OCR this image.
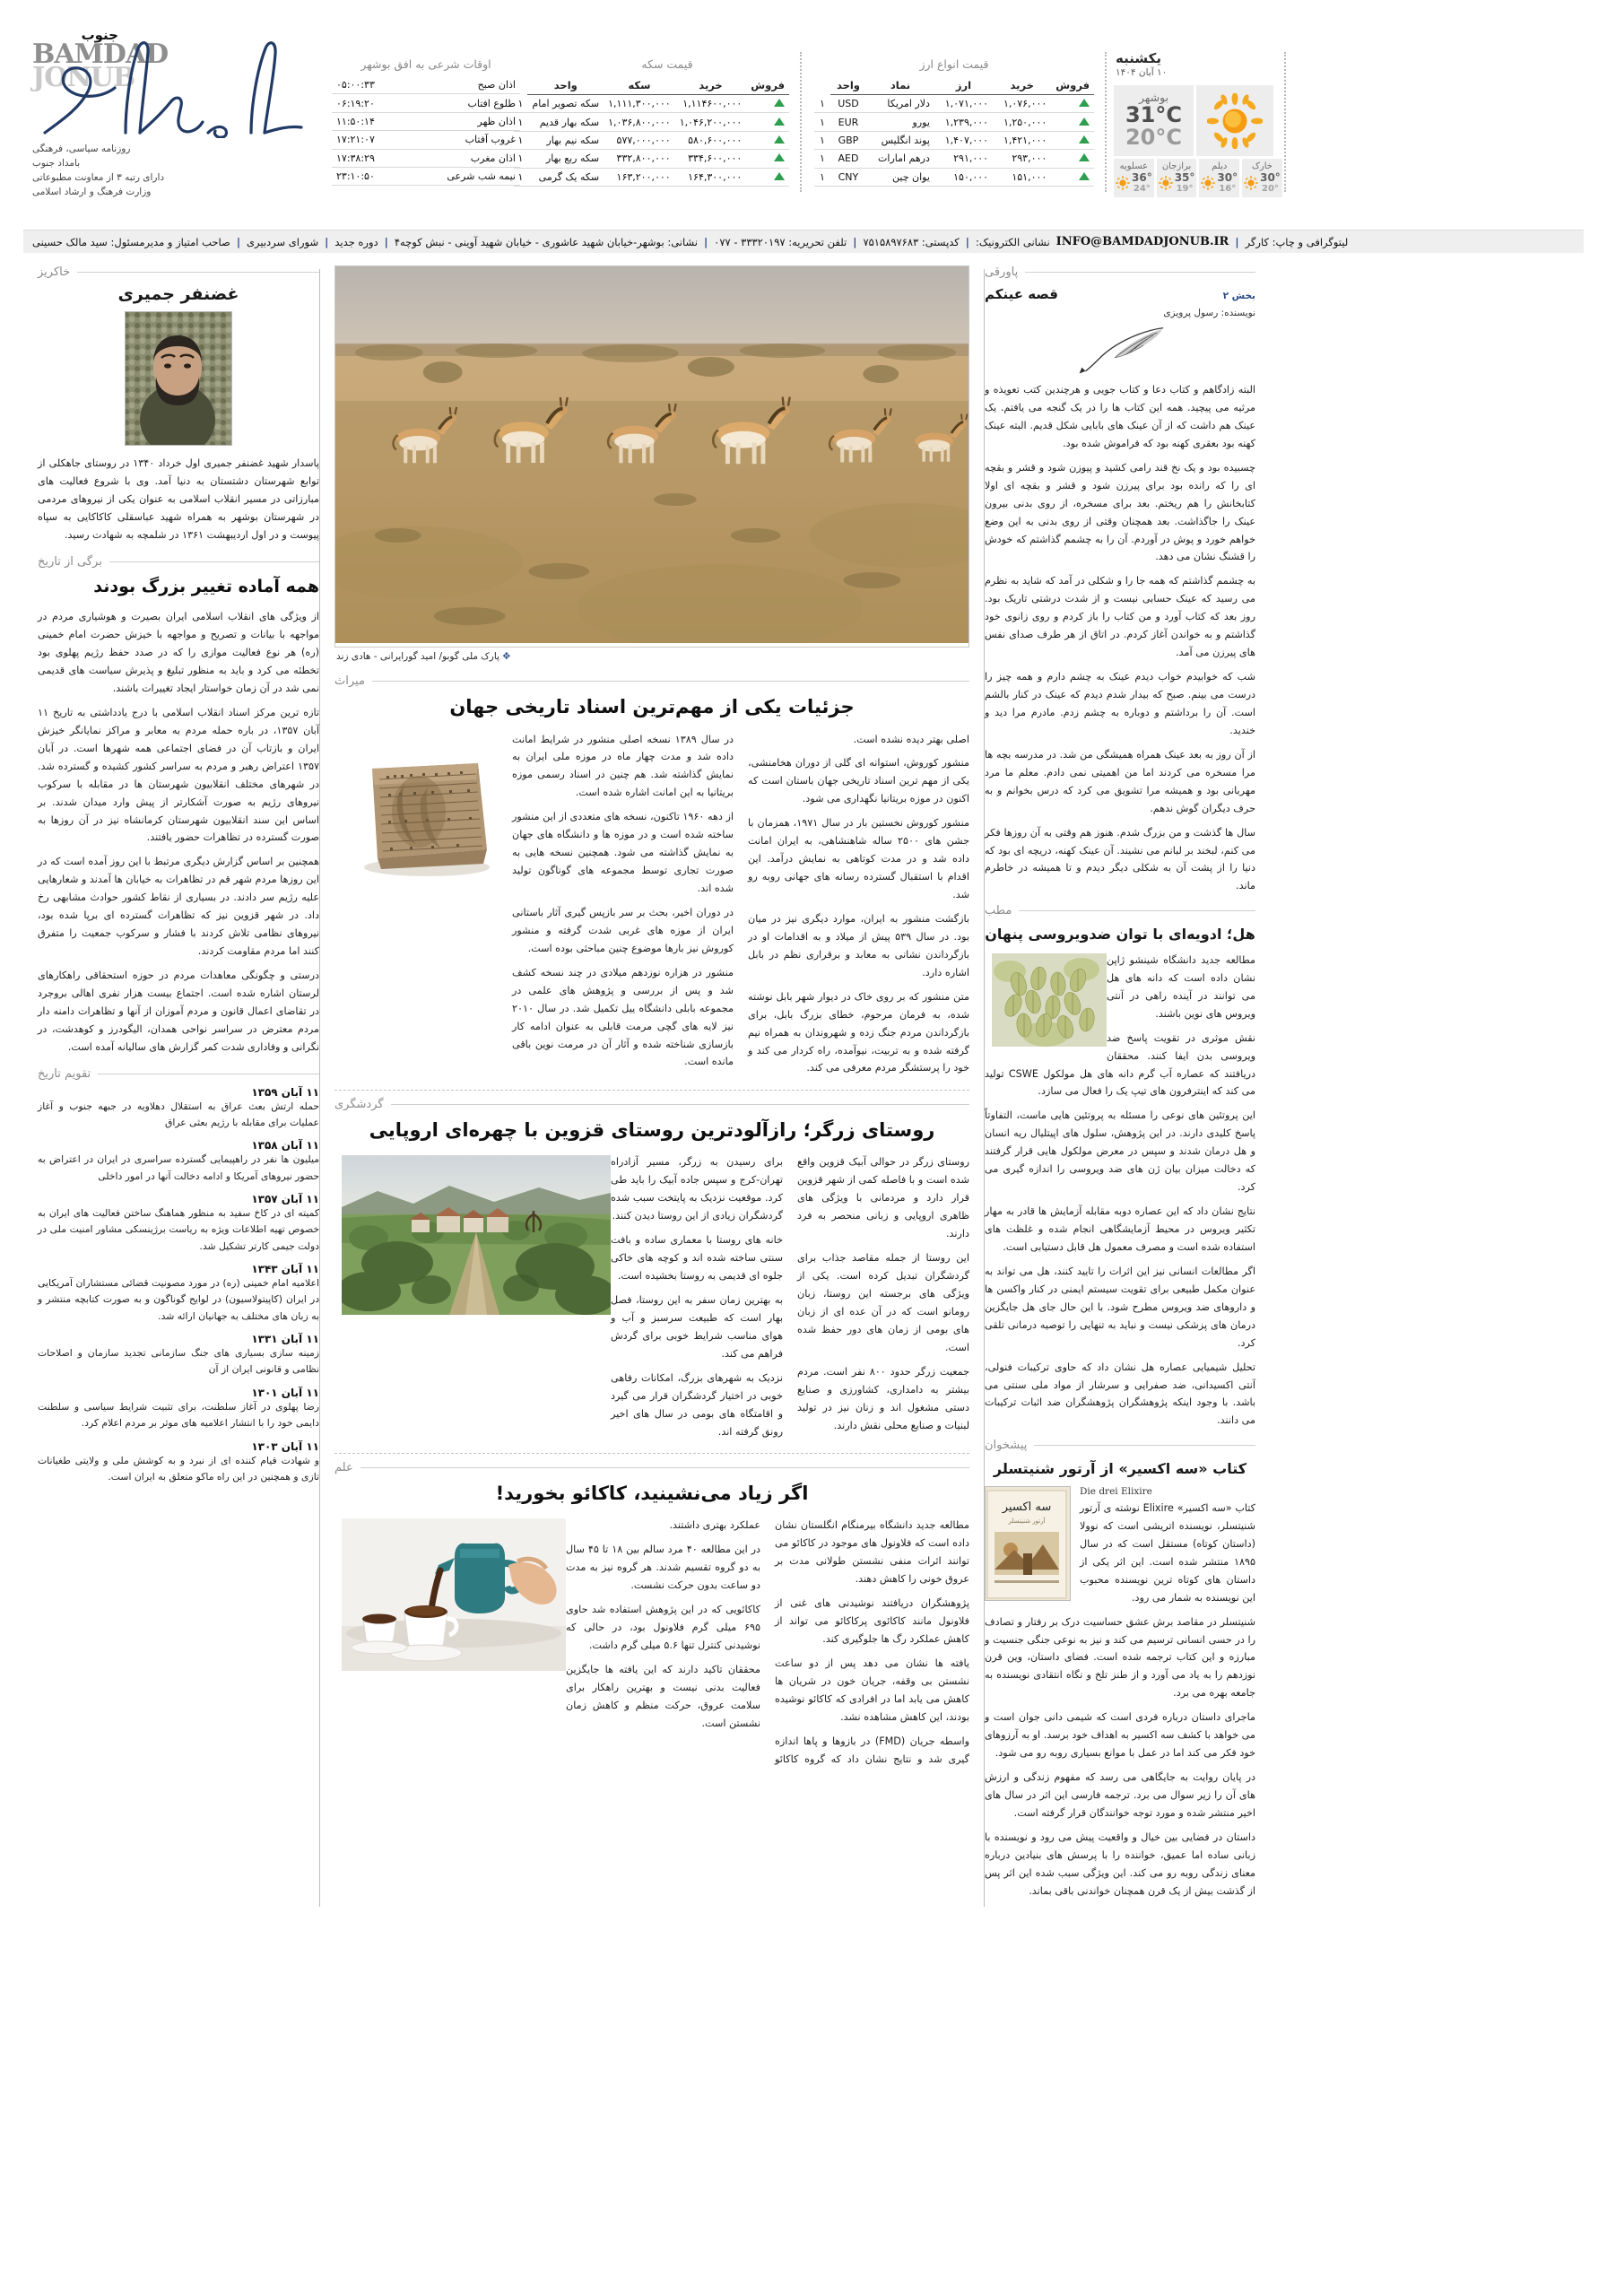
BAMDAD
JONUB
جنوب
روزنامه سیاسی، فرهنگی
بامداد جنوب
دارای رتبه ۳ از معاونت مطبوعاتی
وزارت فرهنگ و ارشاد اسلامی
اوقات شرعی به افق بوشهر
اذان صبح	۰۵:۰۰:۳۳
طلوع افتاب	۰۶:۱۹:۲۰
اذان ظهر	۱۱:۵۰:۱۴
غروب آفتاب	۱۷:۲۱:۰۷
اذان مغرب	۱۷:۳۸:۲۹
نیمه شب شرعی	۲۳:۱۰:۵۰
قیمت سکه
فروش	خرید	سکه	واحد	
	۱,۱۱۴۶۰۰,۰۰۰	۱,۱۱۱,۳۰۰,۰۰۰	سکه تصویر امام	۱
	۱,۰۴۶,۲۰۰,۰۰۰	۱,۰۳۶,۸۰۰,۰۰۰	سکه بهار قدیم	۱
	۵۸۰,۶۰۰,۰۰۰	۵۷۷,۰۰۰,۰۰۰	سکه نیم بهار	۱
	۳۳۴,۶۰۰,۰۰۰	۳۳۲,۸۰۰,۰۰۰	سکه ربع بهار	۱
	۱۶۴,۳۰۰,۰۰۰	۱۶۳,۲۰۰,۰۰۰	سکه یک گرمی	۱
قیمت انواع ارز
فروش	خرید	ارز	نماد	واحد	
	۱,۰۷۶,۰۰۰	۱,۰۷۱,۰۰۰	دلار امریکا	USD	۱
	۱,۲۵۰,۰۰۰	۱,۲۳۹,۰۰۰	یورو	EUR	۱
	۱,۴۲۱,۰۰۰	۱,۴۰۷,۰۰۰	پوند انگلیس	GBP	۱
	۲۹۳,۰۰۰	۲۹۱,۰۰۰	درهم امارات	AED	۱
	۱۵۱,۰۰۰	۱۵۰,۰۰۰	یوان چین	CNY	۱
یکشنبه
۱۰ آبان ۱۴۰۴
بوشهر
31°C
20°C
عسلویه
36°
24°
برازجان
35°
19°
دیلم
30°
16°
خارک
30°
20°
صاحب امتیاز و مدیرمسئول: سید مالک حسینی | شورای سردبیری | دوره جدید | نشانی: بوشهر-خیابان شهید عاشوری - خیابان شهید آوینی - نبش کوچه۴ | تلفن تحریریه: ۳۳۳۲۰۱۹۷ - ۰۷۷ | کدپستی: ۷۵۱۵۸۹۷۶۸۳ | نشانی الکترونیک: INFO@BAMDADJONUB.IR | لیتوگرافی و چاپ: کارگر
خاکریز
غضنفر جمیری

پاسدار شهید غضنفر جمیری اول خرداد ۱۳۴۰ در روستای جاهکلی از توابع شهرستان دشتستان به دنیا آمد. وی با شروع فعالیت های مبارزاتی در مسیر انقلاب اسلامی به عنوان یکی از نیروهای مردمی در شهرستان بوشهر به همراه شهید عباسقلی کاکاکایی به سپاه پیوست و در اول اردیبهشت ۱۳۶۱ در شلمچه به شهادت رسید.

برگی از تاریخ
همه آماده تغییر بزرگ بودند

از ویژگی های انقلاب اسلامی ایران بصیرت و هوشیاری مردم در مواجهه با بیانات و تصریح و مواجهه با خیزش حضرت امام خمینی (ره) هر نوع فعالیت موازی را که در صدد حفظ رژیم پهلوی بود تخطئه می کرد و باید به منظور تبلیغ و پذیرش سیاست های قدیمی نمی شد در آن زمان خواستار ایجاد تغییرات باشند.

تازه ترین مرکز اسناد انقلاب اسلامی با درج یادداشتی به تاریخ ۱۱ آبان ۱۳۵۷، در باره حمله مردم به معابر و مراکز نمایانگر خیزش ایران و بازتاب آن در فضای اجتماعی همه شهرها است. در آبان ۱۳۵۷ اعتراض رهبر و مردم به سراسر کشور کشیده و گسترده شد. در شهرهای مختلف انقلابیون شهرستان ها در مقابله با سرکوب نیروهای رژیم به صورت آشکارتر از پیش وارد میدان شدند. بر اساس این سند انقلابیون شهرستان کرمانشاه نیز در آن روزها به صورت گسترده در تظاهرات حضور یافتند.

همچنین بر اساس گزارش دیگری مرتبط با این روز آمده است که در این روزها مردم شهر قم در تظاهرات به خیابان ها آمدند و شعارهایی علیه رژیم سر دادند. در بسیاری از نقاط کشور حوادث مشابهی رخ داد. در شهر قزوین نیز که تظاهرات گسترده ای برپا شده بود، نیروهای نظامی تلاش کردند با فشار و سرکوب جمعیت را متفرق کنند اما مردم مقاومت کردند.

درستی و چگونگی معاهدات مردم در حوزه استحقاقی راهکارهای لرستان اشاره شده است. اجتماع بیست هزار نفری اهالی بروجرد در تقاضای اعمال قانون و مردم آموزان از آنها و تظاهرات دامنه دار مردم معترض در سراسر نواحی همدان، الیگودرز و کوهدشت، در نگرانی و وفاداری شدت کمر گزارش های سالیانه آمده است.

تقویم تاریخ
۱۱ آبان ۱۳۵۹
حمله ارتش بعث عراق به استقلال دهلاویه در جبهه جنوب و آغاز عملیات برای مقابله با رژیم بعثی عراق
۱۱ آبان ۱۳۵۸
میلیون ها نفر در راهپیمایی گسترده سراسری در ایران در اعتراض به حضور نیروهای آمریکا و ادامه دخالت آنها در امور داخلی
۱۱ آبان ۱۳۵۷
کمیته ای در کاخ سفید به منظور هماهنگ ساختن فعالیت های ایران به خصوص تهیه اطلاعات ویژه به ریاست برژینسکی مشاور امنیت ملی در دولت جیمی کارتر تشکیل شد.
۱۱ آبان ۱۳۴۳
اعلامیه امام خمینی (ره) در مورد مصونیت قضائی مستشاران آمریکایی در ایران (کاپیتولاسیون) در لوایح گوناگون و به صورت کتابچه منتشر و به زبان های مختلف به جهانیان ارائه شد.
۱۱ آبان ۱۳۳۱
زمینه سازی بسیاری های جنگ سازمانی تجدید سازمان و اصلاحات نظامی و قانونی ایران از آن
۱۱ آبان ۱۳۰۱
رضا پهلوی در آغاز سلطنت، برای تثبیت شرایط سیاسی و سلطنت دایمی خود را با انتشار اعلامیه های موثر بر مردم اعلام کرد.
۱۱ آبان ۱۳۰۳
و شهادت قیام کننده ای از نبرد و به کوشش ملی و ولایتی طغیانات تازی و همچنین در این راه ماکو متعلق به ایران است.
✥ پارک ملی گوبو/ امید گورایرانی - هادی زند
میراث
جزئیات یکی از مهم‌ترین اسناد تاریخی جهان

اصلی بهتر دیده نشده است.

منشور کوروش، استوانه ای گلی از دوران هخامنشی، یکی از مهم ترین اسناد تاریخی جهان باستان است که اکنون در موزه بریتانیا نگهداری می شود.

منشور کوروش نخستین بار در سال ۱۹۷۱، همزمان با جشن های ۲۵۰۰ ساله شاهنشاهی، به ایران امانت داده شد و در مدت کوتاهی به نمایش درآمد. این اقدام با استقبال گسترده رسانه های جهانی روبه رو شد.

بازگشت منشور به ایران، موارد دیگری نیز در میان بود. در سال ۵۳۹ پیش از میلاد و به اقدامات او در بازگرداندن نشانی به معابد و برقراری نظم در بابل اشاره دارد.

متن منشور که بر روی خاک در دیوار شهر بابل نوشته شده، به فرمان مرحوم، خطای بزرگ بابل، برای بازگرداندن مردم جنگ زده و شهروندان به همراه نیم گرفته شده و به تربیت، نیوآمده، راه کردار می کند و خود را پرستشگر مردم معرفی می کند.

در سال ۱۳۸۹ نسخه اصلی منشور در شرایط امانت داده شد و مدت چهار ماه در موزه ملی ایران به نمایش گذاشته شد. هم چنین در اسناد رسمی موزه بریتانیا به این امانت اشاره شده است.

از دهه ۱۹۶۰ تاکنون، نسخه های متعددی از این منشور ساخته شده است و در موزه ها و دانشگاه های جهان به نمایش گذاشته می شود. همچنین نسخه هایی به صورت تجاری توسط مجموعه های گوناگون تولید شده اند.

در دوران اخیر، بحث بر سر بازپس گیری آثار باستانی ایران از موزه های غربی شدت گرفته و منشور کوروش نیز بارها موضوع چنین مباحثی بوده است.

منشور در هزاره نوزدهم میلادی در چند نسخه کشف شد و پس از بررسی و پژوهش های علمی در مجموعه بابلی دانشگاه ییل تکمیل شد. در سال ۲۰۱۰ نیز لایه های گچی مرمت قابلی به عنوان ادامه کار بازسازی شناخته شده و آثار آن در مرمت نوین باقی مانده است.

گردشگری
روستای زرگر؛ رازآلودترین روستای قزوین با چهره‌ای اروپایی

روستای زرگر در حوالی آبیک قزوین واقع شده است و با فاصله کمی از شهر قزوین قرار دارد و مردمانی با ویژگی های ظاهری اروپایی و زبانی منحصر به فرد دارند.

این روستا از جمله مقاصد جذاب برای گردشگران تبدیل کرده است. یکی از ویژگی های برجسته این روستا، زبان رومانو است که در آن عده ای از زبان های بومی از زمان های دور حفظ شده است.

جمعیت زرگر حدود ۸۰۰ نفر است. مردم بیشتر به دامداری، کشاورزی و صنایع دستی مشغول اند و زنان نیز در تولید لبنیات و صنایع محلی نقش دارند.

برای رسیدن به زرگر، مسیر آزادراه تهران-کرج و سپس جاده آبیک را باید طی کرد. موقعیت نزدیک به پایتخت سبب شده گردشگران زیادی از این روستا دیدن کنند.

خانه های روستا با معماری ساده و بافت سنتی ساخته شده اند و کوچه های خاکی جلوه ای قدیمی به روستا بخشیده است.

به بهترین زمان سفر به این روستا، فصل بهار است که طبیعت سرسبز و آب و هوای مناسب شرایط خوبی برای گردش فراهم می کند.

نزدیک به شهرهای بزرگ، امکانات رفاهی خوبی در اختیار گردشگران قرار می گیرد و اقامتگاه های بومی در سال های اخیر رونق گرفته اند.

علم
اگر زیاد می‌نشینید، کاکائو بخورید!

مطالعه جدید دانشگاه بیرمنگام انگلستان نشان داده است که فلاونول های موجود در کاکائو می توانند اثرات منفی نشستن طولانی مدت بر عروق خونی را کاهش دهند.

پژوهشگران دریافتند نوشیدنی های غنی از فلاونول مانند کاکائوی پرکاکائو می تواند از کاهش عملکرد رگ ها جلوگیری کند.

یافته ها نشان می دهد پس از دو ساعت نشستن بی وقفه، جریان خون در شریان ها کاهش می یابد اما در افرادی که کاکائو نوشیده بودند، این کاهش مشاهده نشد.

واسطه جریان (FMD) در بازوها و پاها اندازه گیری شد و نتایج نشان داد که گروه کاکائو عملکرد بهتری داشتند.

در این مطالعه ۴۰ مرد سالم بین ۱۸ تا ۴۵ سال به دو گروه تقسیم شدند. هر گروه نیز به مدت دو ساعت بدون حرکت نشست.

کاکائویی که در این پژوهش استفاده شد حاوی ۶۹۵ میلی گرم فلاونول بود، در حالی که نوشیدنی کنترل تنها ۵.۶ میلی گرم داشت.

محققان تاکید دارند که این یافته ها جایگزین فعالیت بدنی نیست و بهترین راهکار برای سلامت عروق، حرکت منظم و کاهش زمان نشستن است.

پاورقی
قصه عینکم	بخش ۲
نویسنده: رسول پرویزی

البته زادگاهم و کتاب دعا و کتاب جویی و هرچندین کتب تعویذه و مرثیه می پیچید. همه این کتاب ها را در یک گنجه می یافتم. یک عینک هم داشت که از آن عینک های بابایی شکل قدیم. البته عینک کهنه بود بعقری کهنه بود که فراموش شده بود.

چسبیده بود و یک نخ قند رامی کشید و پیوزن شود و قشر و بقچه ای را که رانده بود برای پیرزن شود و قشر و بقچه ای اولا کتابخانش را هم ریختم. بعد برای مسخره، از روی بدنی بیرون عینک را جاگذاشت. بعد همچنان وقتی از روی بدنی به این وضع خواهم خورد و پوش در آوردم. آن را به چشمم گذاشتم که خودش را قشنگ نشان می دهد.

به چشمم گذاشتم که همه جا را و شکلی در آمد که شاید به نظرم می رسید که عینک حسابی نیست و از شدت درشتی تاریک بود. روز بعد که کتاب آورد و من کتاب را باز کردم و روی زانوی خود گذاشتم و به خواندن آغاز کردم. در اتاق از هر طرف صدای نفس های پیرزن می آمد.

شب که خوابیدم خواب دیدم عینک به چشم دارم و همه چیز را درست می بینم. صبح که بیدار شدم دیدم که عینک در کنار بالشم است. آن را برداشتم و دوباره به چشم زدم. مادرم مرا دید و خندید.

از آن روز به بعد عینک همراه همیشگی من شد. در مدرسه بچه ها مرا مسخره می کردند اما من اهمیتی نمی دادم. معلم ما مرد مهربانی بود و همیشه مرا تشویق می کرد که درس بخوانم و به حرف دیگران گوش ندهم.

سال ها گذشت و من بزرگ شدم. هنوز هم وقتی به آن روزها فکر می کنم، لبخند بر لبانم می نشیند. آن عینک کهنه، دریچه ای بود که دنیا را از پشت آن به شکلی دیگر دیدم و تا همیشه در خاطرم ماند.

مطب
هل؛ ادویه‌ای با توان ضدویروسی پنهان

مطالعه جدید دانشگاه شینشو ژاپن نشان داده است که دانه های هل می توانند در آینده راهی در آنتی ویروس های نوین باشند.

نقش موثری در تقویت پاسخ ضد ویروسی بدن ایفا کنند. محققان دریافتند که عصاره آب گرم دانه های هل مولکول CSWE تولید می کند که اینترفرون های تیپ یک را فعال می سازد.

این پروتئین های نوعی را مسئله به پروتئین هایی ماست، التفاوتاً پاسخ کلیدی دارند. در این پژوهش، سلول های اپیتلیال ریه انسان و هل درمان شدند و سپس در معرض مولکول هایی قرار گرفتند که دخالت میزان بیان ژن های ضد ویروسی را اندازه گیری می کرد.

نتایج نشان داد که این عصاره دوبه مقابله آزمایش ها قادر به مهار تکثیر ویروس در محیط آزمایشگاهی انجام شده و غلظت های استفاده شده است و مصرف معمول هل قابل دستیابی است.

اگر مطالعات انسانی نیز این اثرات را تایید کنند، هل می تواند به عنوان مکمل طبیعی برای تقویت سیستم ایمنی در کنار واکسن ها و داروهای ضد ویروس مطرح شود. با این حال جای هل جایگزین درمان های پزشکی نیست و نباید به تنهایی را توصیه درمانی تلقی کرد.

تحلیل شیمیایی عصاره هل نشان داد که حاوی ترکیبات فنولی، آنتی اکسیدانی، ضد صفرایی و سرشار از مواد ملی سنتی می باشد. با وجود اینکه پژوهشگران پژوهشگران ضد اثبات ترکیبات می دانند.

پیشخوان
کتاب «سه اکسیر» از آرتور شنیتسلر
سه اکسیر
آرتور شنیتسلر
Die drei Elixire

کتاب «سه اکسیر» Elixire نوشته ی آرتور شنیتسلر، نویسنده اتریشی است که نوولا (داستان کوتاه) مستقل است که در سال ۱۸۹۵ منتشر شده است. این اثر یکی از داستان های کوتاه ترین نویسنده محبوب این نویسنده به شمار می رود.

شنیتسلر در مقاصد برش عشق حساسیت درک بر رفتار و تصادف را در حسی انسانی ترسیم می کند و نیز به نوعی جنگی جنسیت و مبارزه و این کتاب ترجمه شده است. فضای داستان، وین قرن نوزدهم را به یاد می آورد و از طنز تلخ و نگاه انتقادی نویسنده به جامعه بهره می برد.

ماجرای داستان درباره فردی است که شیمی دانی جوان است و می خواهد با کشف سه اکسیر به اهداف خود برسد. او به آرزوهای خود فکر می کند اما در عمل با موانع بسیاری روبه رو می شود.

در پایان روایت به جایگاهی می رسد که مفهوم زندگی و ارزش های آن را زیر سوال می برد. ترجمه فارسی این اثر در سال های اخیر منتشر شده و مورد توجه خوانندگان قرار گرفته است.

داستان در فضایی بین خیال و واقعیت پیش می رود و نویسنده با زبانی ساده اما عمیق، خواننده را با پرسش های بنیادین درباره معنای زندگی روبه رو می کند. این ویژگی سبب شده این اثر پس از گذشت بیش از یک قرن همچنان خواندنی باقی بماند.
